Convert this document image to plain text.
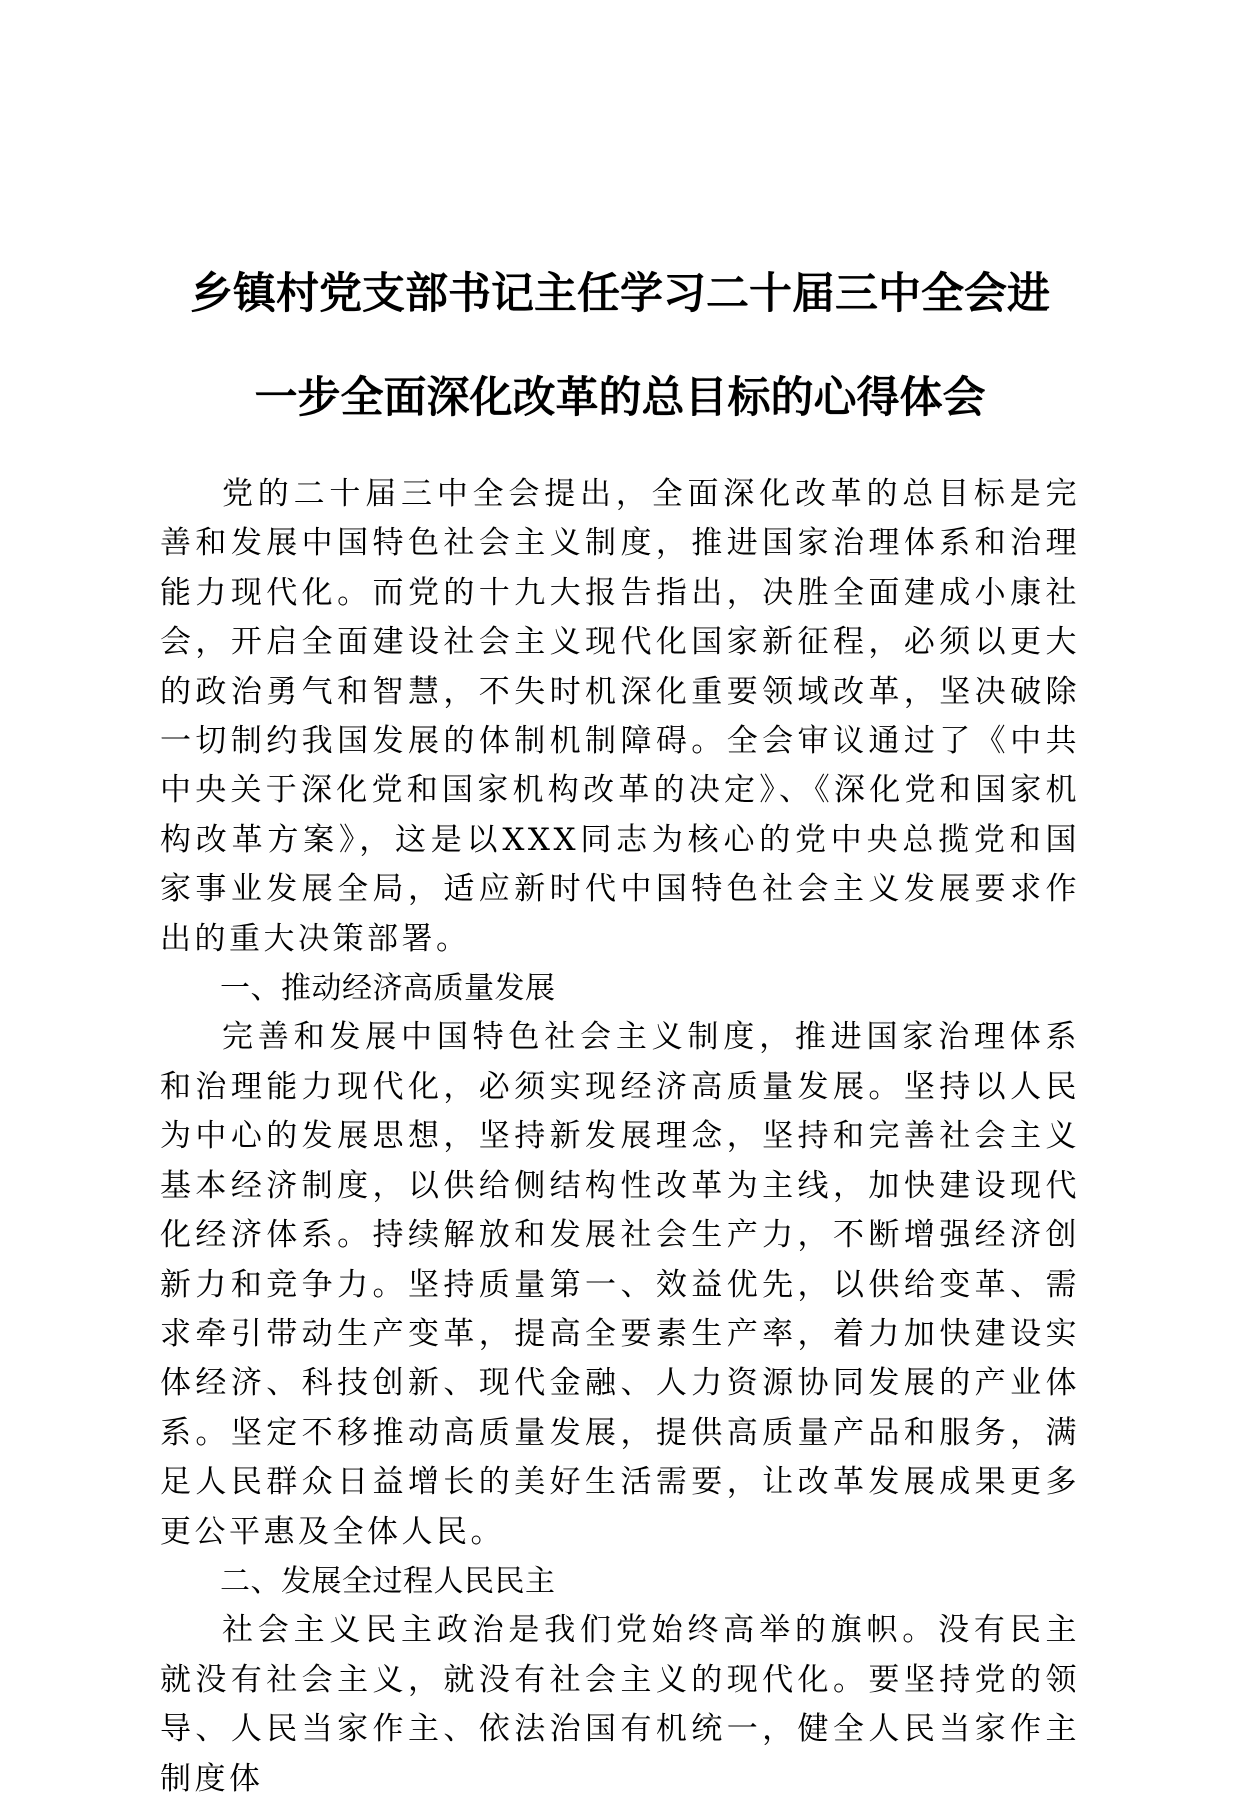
乡镇村党支部书记主任学习二十届三中全会进
一步全面深化改革的总目标的心得体会

党的二十届三中全会提出，全面深化改革的总目标是完善和发展中国特色社会主义制度，推进国家治理体系和治理能力现代化。而党的十九大报告指出，决胜全面建成小康社会，开启全面建设社会主义现代化国家新征程，必须以更大的政治勇气和智慧，不失时机深化重要领域改革，坚决破除一切制约我国发展的体制机制障碍。全会审议通过了《中共中央关于深化党和国家机构改革的决定》、《深化党和国家机构改革方案》，这是以XXX同志为核心的党中央总揽党和国家事业发展全局，适应新时代中国特色社会主义发展要求作出的重大决策部署。

一、推动经济高质量发展

完善和发展中国特色社会主义制度，推进国家治理体系和治理能力现代化，必须实现经济高质量发展。坚持以人民为中心的发展思想，坚持新发展理念，坚持和完善社会主义基本经济制度，以供给侧结构性改革为主线，加快建设现代化经济体系。持续解放和发展社会生产力，不断增强经济创新力和竞争力。坚持质量第一、效益优先，以供给变革、需求牵引带动生产变革，提高全要素生产率，着力加快建设实体经济、科技创新、现代金融、人力资源协同发展的产业体系。坚定不移推动高质量发展，提供高质量产品和服务，满足人民群众日益增长的美好生活需要，让改革发展成果更多更公平惠及全体人民。

二、发展全过程人民民主

社会主义民主政治是我们党始终高举的旗帜。没有民主就没有社会主义，就没有社会主义的现代化。要坚持党的领导、人民当家作主、依法治国有机统一，健全人民当家作主制度体
